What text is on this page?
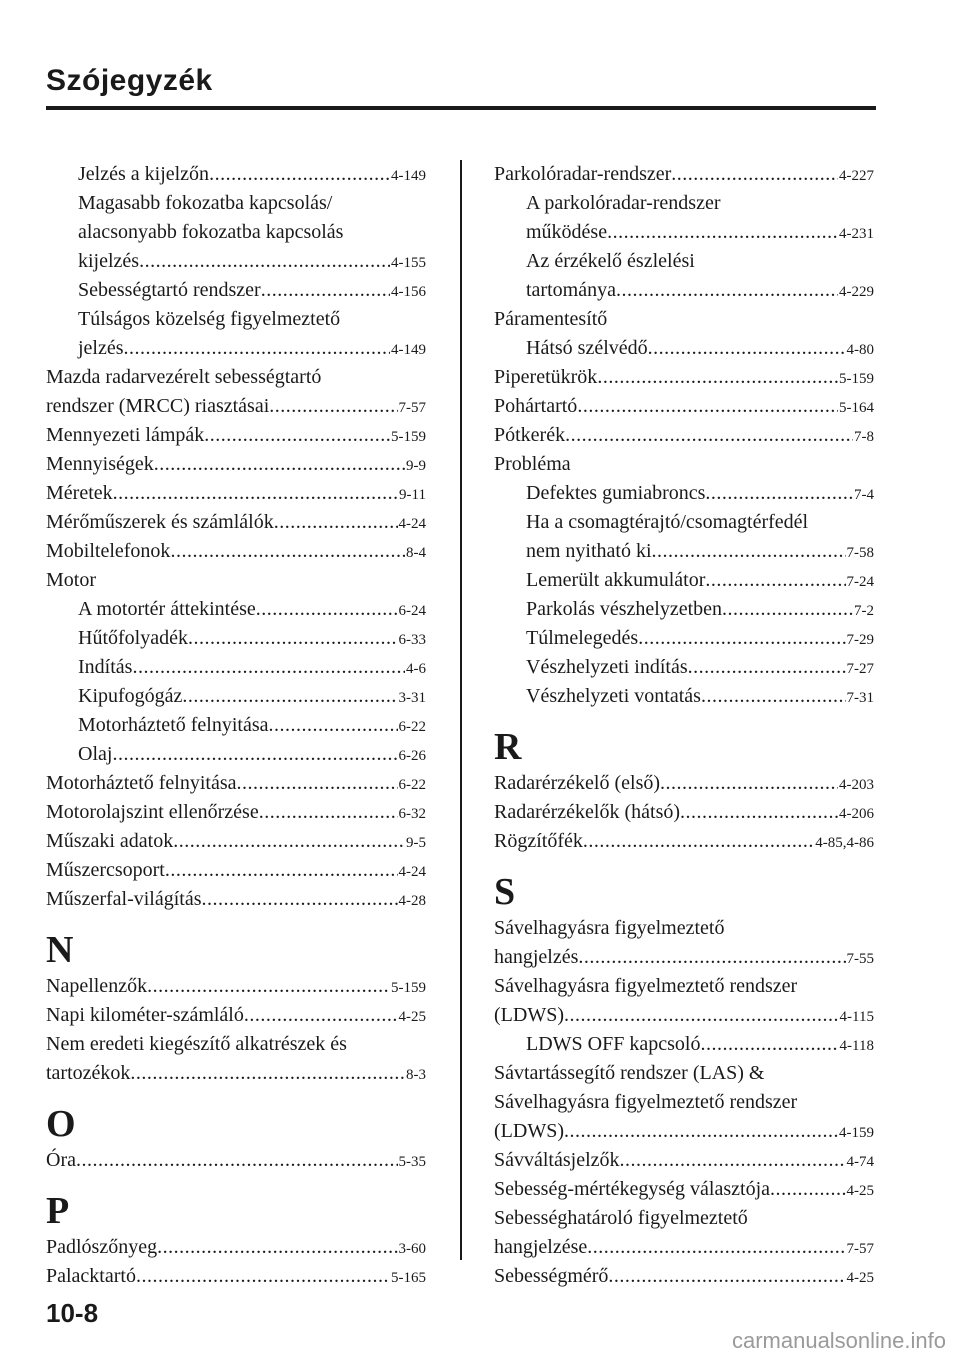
Szójegyzék
Jelzés a kijelzőn .....	4-149
Magasabb fokozatba kapcsolás/
alacsonyabb fokozatba kapcsolás
kijelzés .....	4-155
Sebességtartó rendszer .....	4-156
Túlságos közelség figyelmeztető
jelzés .....	4-149
Mazda radarvezérelt sebességtartó
rendszer (MRCC) riasztásai .....	7-57
Mennyezeti lámpák .....	5-159
Mennyiségek .....	9-9
Méretek .....	9-11
Mérőműszerek és számlálók .....	4-24
Mobiltelefonok .....	8-4
Motor
A motortér áttekintése .....	6-24
Hűtőfolyadék .....	6-33
Indítás .....	4-6
Kipufogógáz .....	3-31
Motorháztető felnyitása .....	6-22
Olaj .....	6-26
Motorháztető felnyitása .....	6-22
Motorolajszint ellenőrzése .....	6-32
Műszaki adatok .....	9-5
Műszercsoport .....	4-24
Műszerfal-világítás .....	4-28
N
Napellenzők .....	5-159
Napi kilométer-számláló .....	4-25
Nem eredeti kiegészítő alkatrészek és
tartozékok .....	8-3
O
Óra .....	5-35
P
Padlószőnyeg .....	3-60
Palacktartó .....	5-165
Parkolóradar-rendszer .....	4-227
A parkolóradar-rendszer
működése .....	4-231
Az érzékelő észlelési
tartománya .....	4-229
Páramentesítő
Hátsó szélvédő .....	4-80
Piperetükrök .....	5-159
Pohártartó .....	5-164
Pótkerék .....	7-8
Probléma
Defektes gumiabroncs .....	7-4
Ha a csomagtérajtó/csomagtérfedél
nem nyitható ki .....	7-58
Lemerült akkumulátor .....	7-24
Parkolás vészhelyzetben .....	7-2
Túlmelegedés .....	7-29
Vészhelyzeti indítás .....	7-27
Vészhelyzeti vontatás .....	7-31
R
Radarérzékelő (első) .....	4-203
Radarérzékelők (hátsó) .....	4-206
Rögzítőfék .....	4-85,4-86
S
Sávelhagyásra figyelmeztető
hangjelzés .....	7-55
Sávelhagyásra figyelmeztető rendszer
(LDWS) .....	4-115
LDWS OFF kapcsoló .....	4-118
Sávtartássegítő rendszer (LAS) &
Sávelhagyásra figyelmeztető rendszer
(LDWS) .....	4-159
Sávváltásjelzők .....	4-74
Sebesség-mértékegység választója .....	4-25
Sebességhatároló figyelmeztető
hangjelzése .....	7-57
Sebességmérő .....	4-25
10-8
carmanualsonline.info
